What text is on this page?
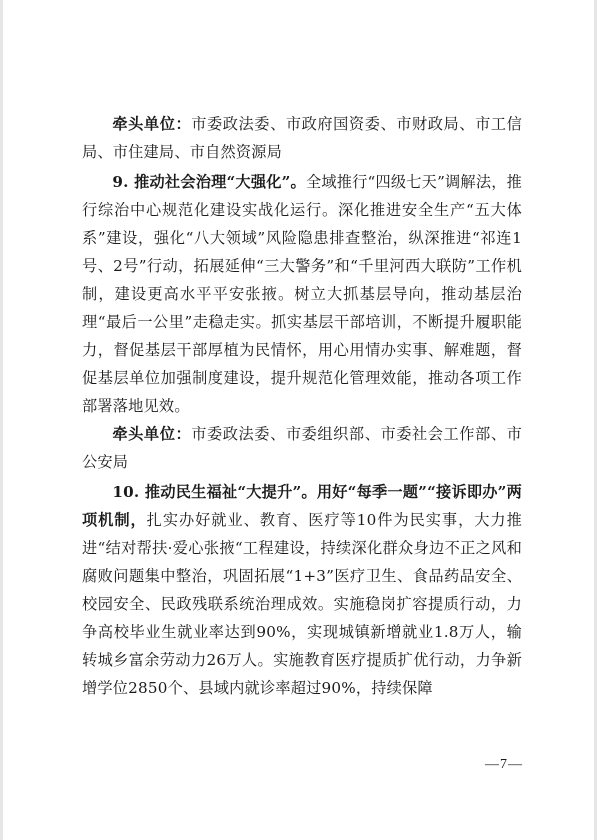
牵头单位：市委政法委、市政府国资委、市财政局、市工信局、市住建局、市自然资源局

9. 推动社会治理“大强化”。全域推行“四级七天”调解法，推行综治中心规范化建设实战化运行。深化推进安全生产“五大体系”建设，强化“八大领域”风险隐患排查整治，纵深推进“祁连1号、2号”行动，拓展延伸“三大警务”和“千里河西大联防”工作机制，建设更高水平平安张掖。树立大抓基层导向，推动基层治理“最后一公里”走稳走实。抓实基层干部培训，不断提升履职能力，督促基层干部厚植为民情怀，用心用情办实事、解难题，督促基层单位加强制度建设，提升规范化管理效能，推动各项工作部署落地见效。

牵头单位：市委政法委、市委组织部、市委社会工作部、市公安局

10. 推动民生福祉“大提升”。用好“每季一题”“接诉即办”两项机制，扎实办好就业、教育、医疗等10件为民实事，大力推进“结对帮扶·爱心张掖“工程建设，持续深化群众身边不正之风和腐败问题集中整治，巩固拓展“1+3”医疗卫生、食品药品安全、校园安全、民政残联系统治理成效。实施稳岗扩容提质行动，力争高校毕业生就业率达到90%，实现城镇新增就业1.8万人，输转城乡富余劳动力26万人。实施教育医疗提质扩优行动，力争新增学位2850个、县域内就诊率超过90%，持续保障

—7—
